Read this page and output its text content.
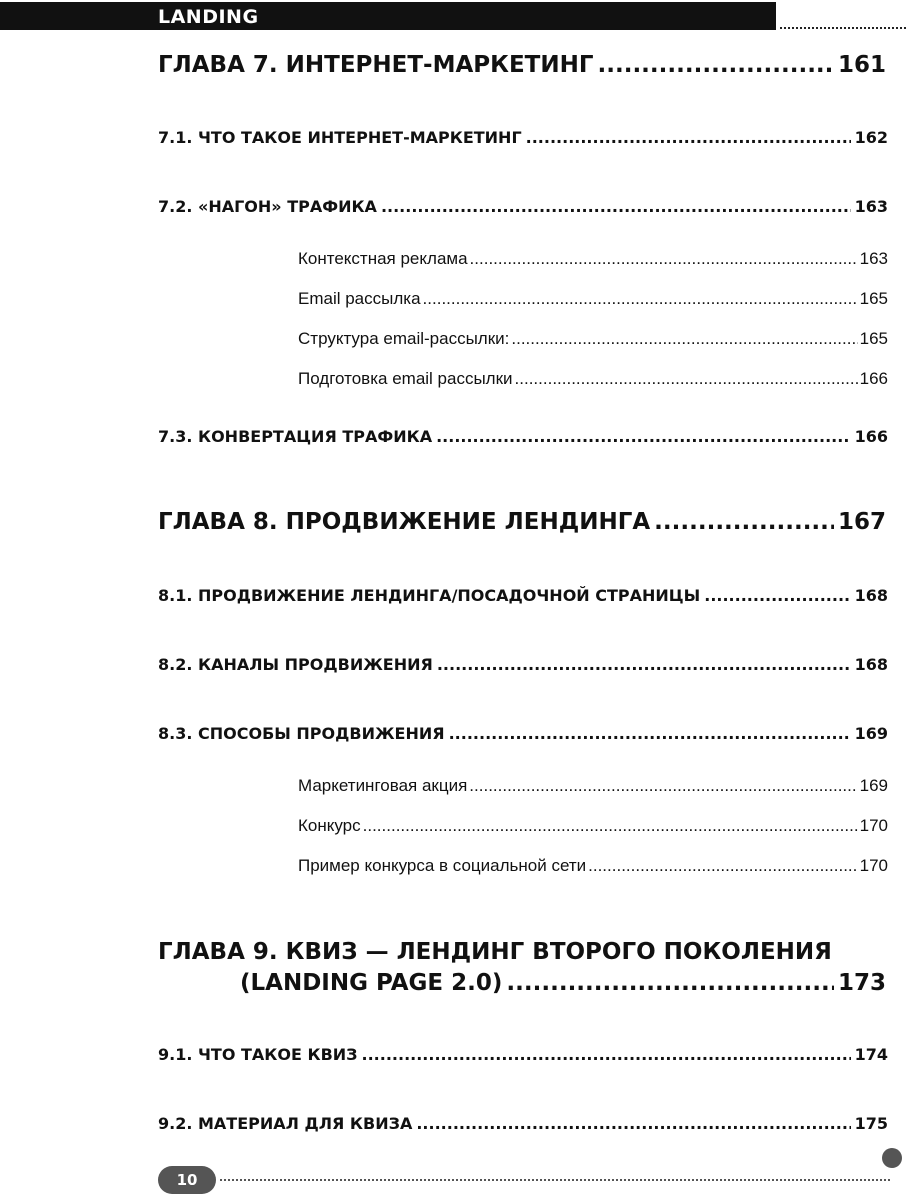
LANDING
ГЛАВА 7. ИНТЕРНЕТ-МАРКЕТИНГ .....	161
7.1. ЧТО ТАКОЕ ИНТЕРНЕТ-МАРКЕТИНГ .....	162
7.2. «НАГОН» ТРАФИКА .....	163
Контекстная реклама .....	163
Email рассылка .....	165
Структура email-рассылки: .....	165
Подготовка email рассылки .....	166
7.3. КОНВЕРТАЦИЯ ТРАФИКА .....	166
ГЛАВА 8. ПРОДВИЖЕНИЕ ЛЕНДИНГА .....	167
8.1. ПРОДВИЖЕНИЕ ЛЕНДИНГА/ПОСАДОЧНОЙ СТРАНИЦЫ .....	168
8.2. КАНАЛЫ ПРОДВИЖЕНИЯ .....	168
8.3. СПОСОБЫ ПРОДВИЖЕНИЯ .....	169
Маркетинговая акция .....	169
Конкурс .....	170
Пример конкурса в социальной сети .....	170
ГЛАВА 9. КВИЗ — ЛЕНДИНГ ВТОРОГО ПОКОЛЕНИЯ
(LANDING PAGE 2.0) .....	173
9.1. ЧТО ТАКОЕ КВИЗ .....	174
9.2. МАТЕРИАЛ ДЛЯ КВИЗА .....	175
10
